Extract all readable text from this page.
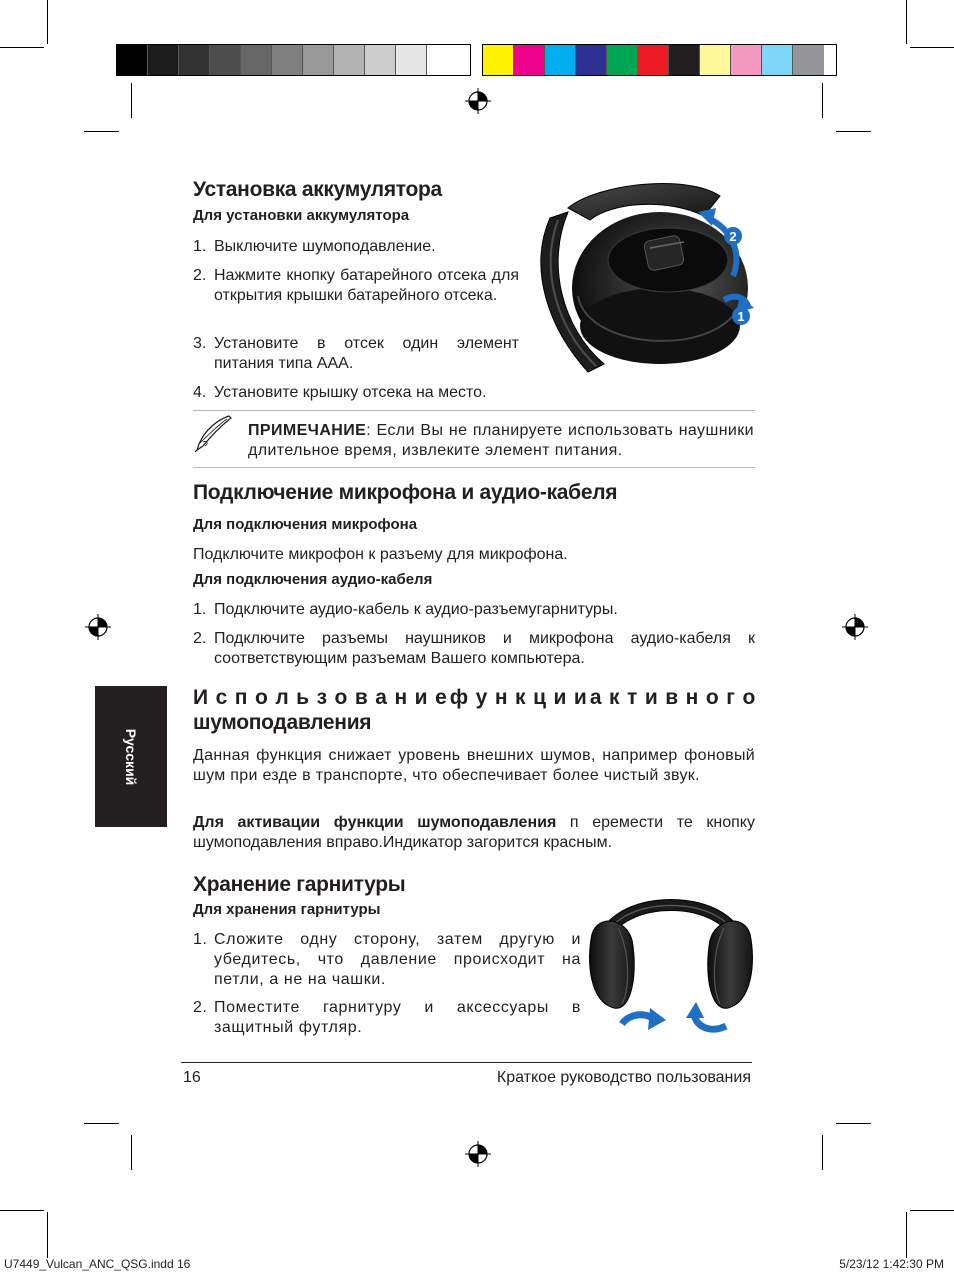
Установка аккумулятора
Для установки аккумулятора
1. Выключите шумоподавление.
2. Нажмите кнопку батарейного отсека для открытия крышки батарейного отсека.
3. Установите в отсек один элемент питания типа ААА.
4. Установите крышку отсека на место.
2
1

ПРИМЕЧАНИЕ: Если Вы не планируете использовать наушники длительное время, извлеките элемент питания.

Подключение микрофона и аудио-кабеля
Для подключения микрофона

Подключите микрофон к разъему для микрофона.

Для подключения аудио-кабеля
1. Подключите аудио-кабель к аудио-разъемугарнитуры.
2. Подключите разъемы наушников и микрофона аудио-кабеля к соответствующим разъемам Вашего компьютера.
Русский
И  с  п  о  л  ь  з  о  в  а  н  и  е ф  у  н  к  ц  и  и а  к  т  и  в  н  о  г  о
шумоподавления

Данная функция снижает уровень внешних шумов, например фоновый шум при езде в транспорте, что обеспечивает более чистый звук.

Для активации функции шумоподавления п еремести те кнопку шумоподавления вправо.Индикатор загорится красным.

Хранение гарнитуры
Для хранения гарнитуры
1. Сложите одну сторону, затем другую и убедитесь, что давление происходит на петли, а не на чашки.
2. Поместите гарнитуру и аксессуары в защитный футляр.
16	Краткое руководство пользования
U7449_Vulcan_ANC_QSG.indd 16	5/23/12 1:42:30 PM
